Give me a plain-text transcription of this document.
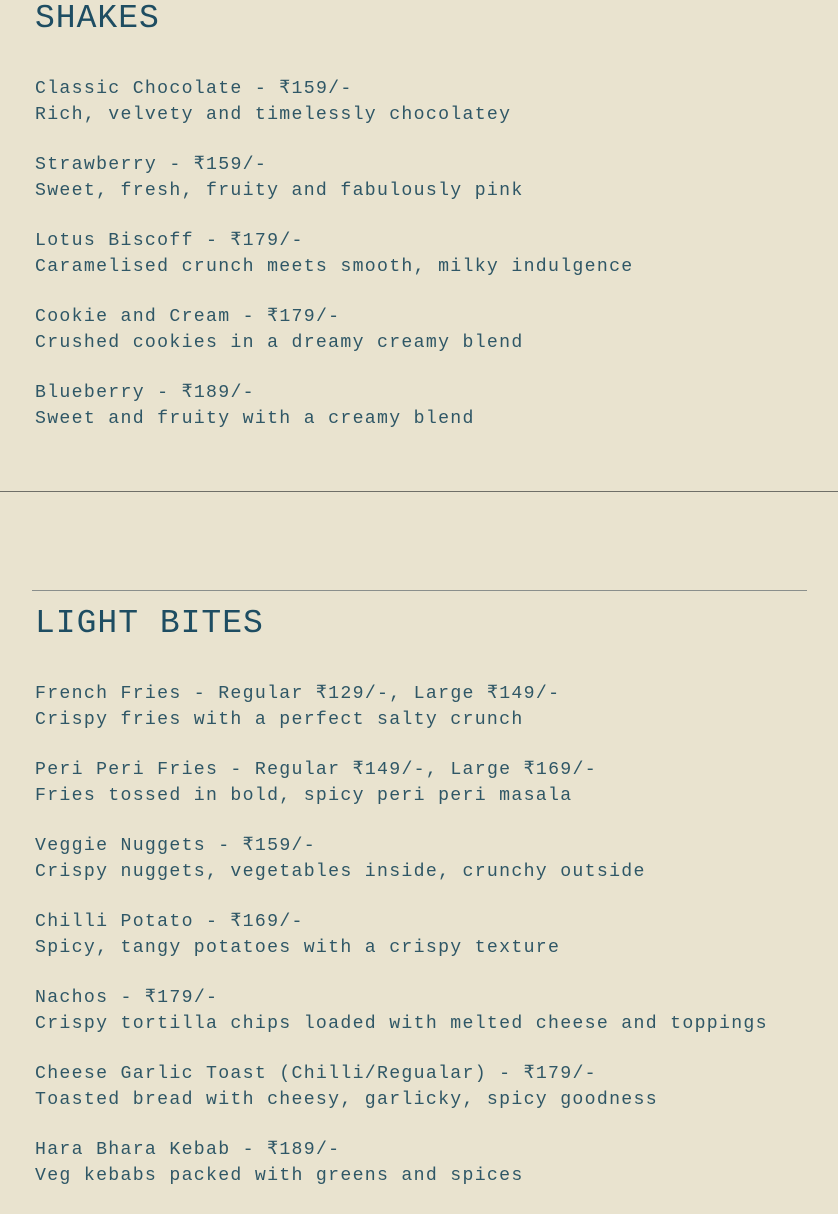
SHAKES
Classic Chocolate - ₹159/-
Rich, velvety and timelessly chocolatey
Strawberry - ₹159/-
Sweet, fresh, fruity and fabulously pink
Lotus Biscoff - ₹179/-
Caramelised crunch meets smooth, milky indulgence
Cookie and Cream - ₹179/-
Crushed cookies in a dreamy creamy blend
Blueberry - ₹189/-
Sweet and fruity with a creamy blend
LIGHT BITES
French Fries - Regular ₹129/-, Large ₹149/-
Crispy fries with a perfect salty crunch
Peri Peri Fries - Regular ₹149/-, Large ₹169/-
Fries tossed in bold, spicy peri peri masala
Veggie Nuggets - ₹159/-
Crispy nuggets, vegetables inside, crunchy outside
Chilli Potato - ₹169/-
Spicy, tangy potatoes with a crispy texture
Nachos - ₹179/-
Crispy tortilla chips loaded with melted cheese and toppings
Cheese Garlic Toast (Chilli/Regualar) - ₹179/-
Toasted bread with cheesy, garlicky, spicy goodness
Hara Bhara Kebab - ₹189/-
Veg kebabs packed with greens and spices
